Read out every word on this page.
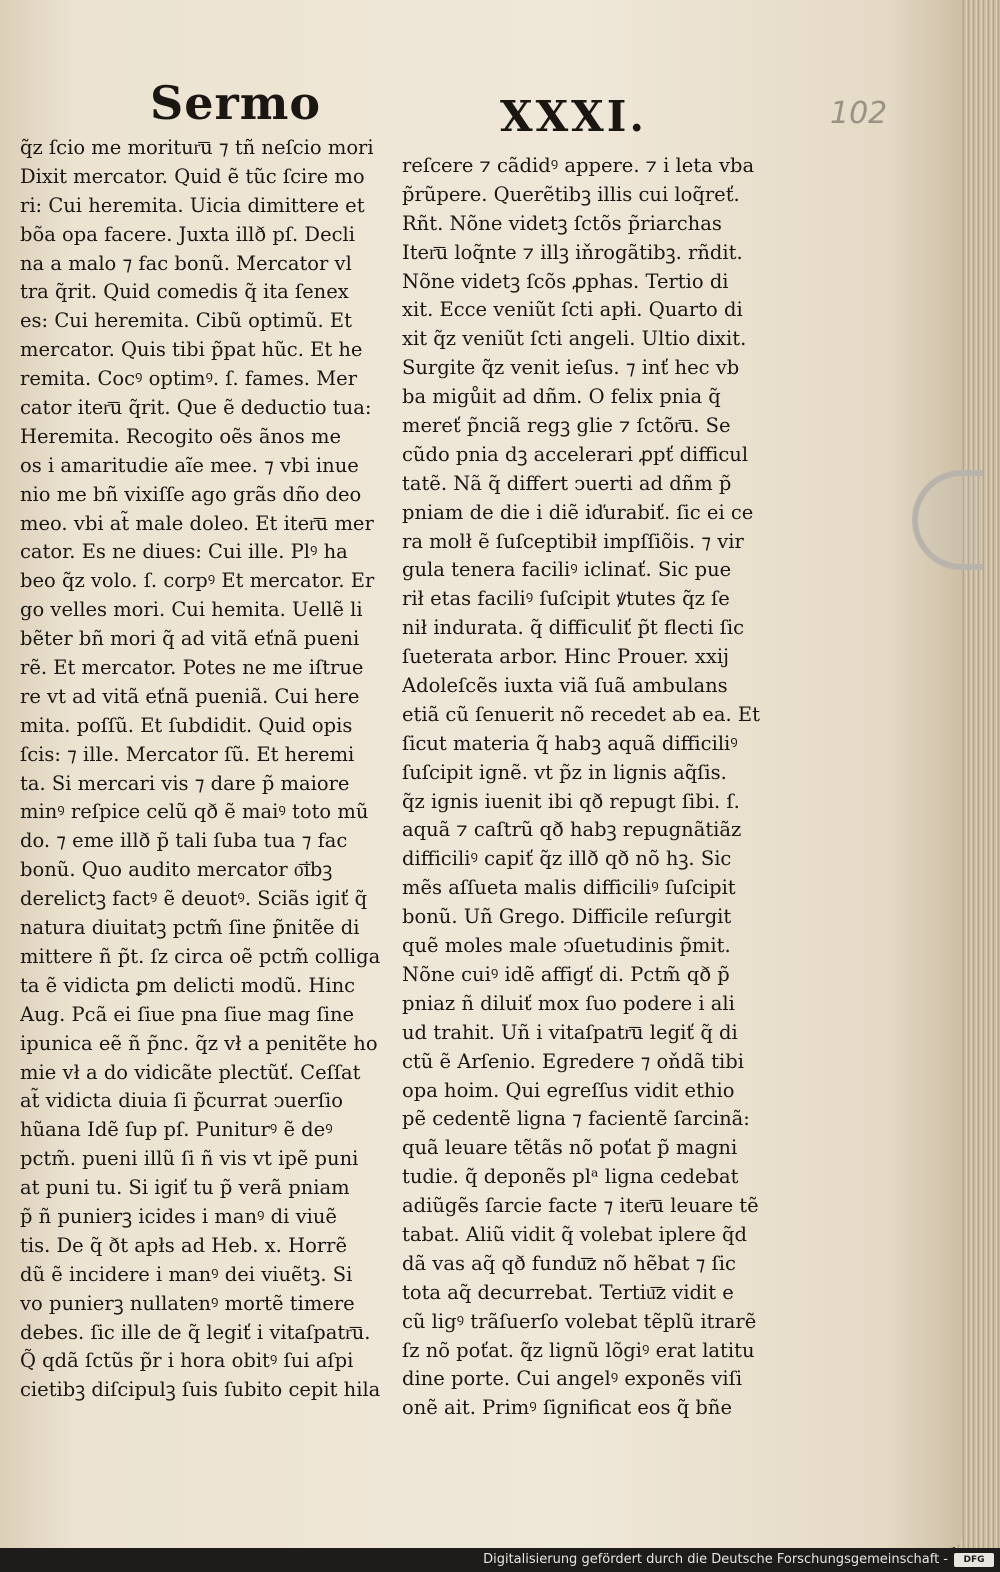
Sermo	XXXI.	102
q̃z ſcio me moritur͞u ⁊ tñ neſcio mori
Dixit mercator. Quid ẽ tũc ſcire mo
ri: Cui heremita. Uicia dimittere et
bõa opa facere. Juxta illð pſ. Decli
na a malo ⁊ fac bonũ. Mercator vl
tra q̃rit. Quid comedis q̃ ita ſenex
es: Cui heremita. Cibũ optimũ. Et
mercator. Quis tibi p̃pat hũc. Et he
remita. Cocꝰ optimꝰ. ſ. fames. Mer
cator iter͞u q̃rit. Que ẽ deductio tua:
Heremita. Recogito oẽs ãnos me
os i amaritudie aĩe mee. ⁊ vbi inue
nio me bñ vixiſſe ago grãs dño deo
meo. vbi at̃ male doleo. Et iter͞u mer
cator. Es ne diues: Cui ille. Plꝰ ha
beo q̃z volo. ſ. corpꝰ Et mercator. Er
go velles mori. Cui hemita. Uellẽ li
bẽter bñ mori q̃ ad vitã eťnã pueni
rẽ. Et mercator. Potes ne me iſtrue
re vt ad vitã eťnã pueniã. Cui here
mita. poſſũ. Et ſubdidit. Quid opis
ſcis: ⁊ ille. Mercator ſũ. Et heremi
ta. Si mercari vis ⁊ dare p̃ maiore
minꝰ reſpice celũ qð ẽ maiꝰ toto mũ
do. ⁊ eme illð p̃ tali ſuba tua ⁊ fac
bonũ. Quo audito mercator o͞ibꝫ
derelictꝫ factꝰ ẽ deuotꝰ. Sciãs igiť q̃
natura diuitatꝫ pctm̃ ſine p̃nitẽe di
mittere ñ p̃t. ſz circa oẽ pctm̃ colliga
ta ẽ vidicta ꝑm delicti modũ. Hinc
Aug. Pcã ei ſiue pna ſiue mag ſine
ipunica eẽ ñ p̃nc. q̃z vł a penitẽte ho
mie vł a do vidicãte plectũť. Ceſſat
at̃ vidicta diuia ſi p̃currat ↄuerſio
hũana Idẽ ſup pſ. Puniturꝰ ẽ deꝰ
pctm̃. pueni illũ ſi ñ vis vt ipẽ puni
at puni tu. Si igiť tu p̃ verã pniam
p̃ ñ punierꝫ icides i manꝰ di viuẽ
tis. De q̃ ðt apłs ad Heb. x. Horrẽ
dũ ẽ incidere i manꝰ dei viuẽtꝫ. Si
vo punierꝫ nullatenꝰ mortẽ timere
debes. ſic ille de q̃ legiť i vitaſpatr͞u.
Q̃ qdã ſctũs p̃r i hora obitꝰ ſui aſpi
cietibꝫ diſcipulꝫ ſuis ſubito cepit hila
reſcere ⁊ cãdidꝰ appere. ⁊ i leta vba
p̃rũpere. Querẽtibꝫ illis cui loq̃reť.
Rñt. Nõne videtꝫ ſctõs p̃riarchas
Iter͞u loq̃nte ⁊ illꝫ iňrogãtibꝫ. rñdit.
Nõne videtꝫ ſcõs ꝓphas. Tertio di
xit. Ecce veniũt ſcti apłi. Quarto di
xit q̃z veniũt ſcti angeli. Ultio dixit.
Surgite q̃z venit ieſus. ⁊ inť hec vb
ba migůit ad dñm. O felix pnia q̃
mereť p̃nciã regꝫ glie ⁊ ſctõr͞u. Se
cũdo pnia dꝫ accelerari ꝓpť difficul
tatẽ. Nã q̃ differt ↄuerti ad dñm p̃
pniam de die i diẽ iďurabiť. ſic ei ce
ra molł ẽ ſuſceptibił impſſiõis. ⁊ vir
gula tenera faciliꝰ iclinať. Sic pue
rił etas faciliꝰ ſuſcipit ꝟtutes q̃z ſe
nił indurata. q̃ difficuliť p̃t flecti ſic
ſueterata arbor. Hinc Prouer. xxij
Adoleſcẽs iuxta viã ſuã ambulans
etiã cũ ſenuerit nõ recedet ab ea. Et
ſicut materia q̃ habꝫ aquã difficiliꝰ
ſuſcipit ignẽ. vt p̃z in lignis aq̃ſis.
q̃z ignis iuenit ibi qð repugt ſibi. ſ.
aquã ⁊ caſtrũ qð habꝫ repugnãtiãz
difficiliꝰ capiť q̃z illð qð nõ hꝫ. Sic
mẽs aſſueta malis difficiliꝰ ſuſcipit
bonũ. Uñ Grego. Difficile reſurgit
quẽ moles male ↄſuetudinis p̃mit.
Nõne cuiꝰ idẽ affigť di. Pctm̃ qð p̃
pniaz ñ diluiť mox ſuo podere i ali
ud trahit. Uñ i vitaſpatr͞u legiť q̃ di
ctũ ẽ Arſenio. Egredere ⁊ oňdã tibi
opa hoim. Qui egreſſus vidit ethio
pẽ cedentẽ ligna ⁊ facientẽ ſarcinã:
quã leuare tẽtãs nõ poťat p̃ magni
tudie. q̃ deponẽs plᵃ ligna cedebat
adiũgẽs ſarcie facte ⁊ iter͞u leuare tẽ
tabat. Aliũ vidit q̃ volebat iplere q̃d
dã vas aq̃ qð fundu͞z nõ hẽbat ⁊ ſic
tota aq̃ decurrebat. Tertiu͞z vidit e
cũ ligꝰ trãſuerſo volebat tẽplũ itrarẽ
ſz nõ poťat. q̃z lignũ lõgiꝰ erat latitu
dine porte. Cui angelꝰ exponẽs viſi
onẽ ait. Primꝰ ſignificat eos q̃ bñe
Digitalisierung gefördert durch die Deutsche Forschungsgemeinschaft -	DFG
